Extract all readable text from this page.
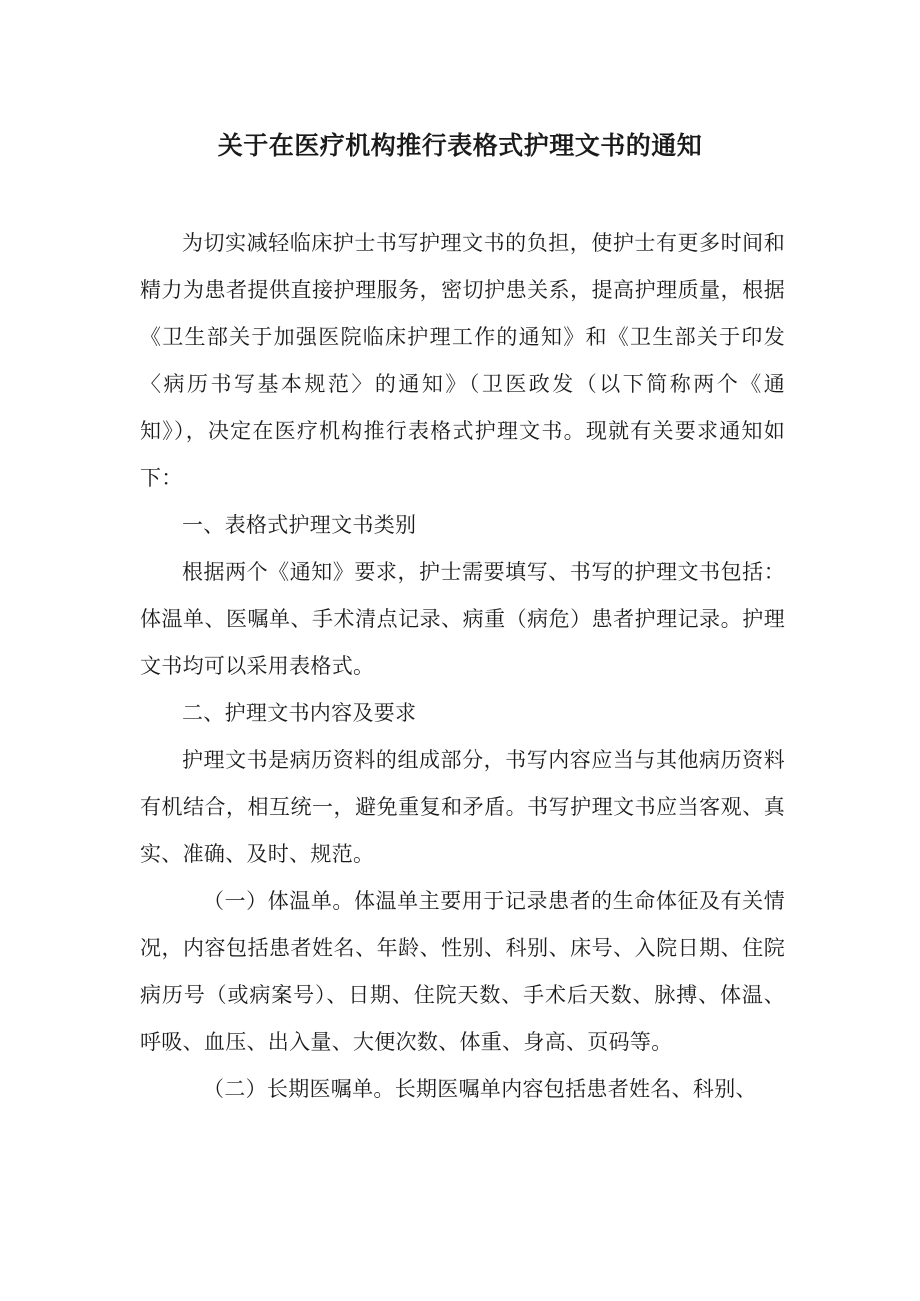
关于在医疗机构推行表格式护理文书的通知

为切实减轻临床护士书写护理文书的负担，使护士有更多时间和精力为患者提供直接护理服务，密切护患关系，提高护理质量，根据《卫生部关于加强医院临床护理工作的通知》和《卫生部关于印发〈病历书写基本规范〉的通知》（卫医政发（以下简称两个《通知》），决定在医疗机构推行表格式护理文书。现就有关要求通知如下：

一、表格式护理文书类别

根据两个《通知》要求，护士需要填写、书写的护理文书包括：体温单、医嘱单、手术清点记录、病重（病危）患者护理记录。护理文书均可以采用表格式。

二、护理文书内容及要求

护理文书是病历资料的组成部分，书写内容应当与其他病历资料有机结合，相互统一，避免重复和矛盾。书写护理文书应当客观、真实、准确、及时、规范。

（一）体温单。体温单主要用于记录患者的生命体征及有关情况，内容包括患者姓名、年龄、性别、科别、床号、入院日期、住院病历号（或病案号）、日期、住院天数、手术后天数、脉搏、体温、呼吸、血压、出入量、大便次数、体重、身高、页码等。

（二）长期医嘱单。长期医嘱单内容包括患者姓名、科别、
